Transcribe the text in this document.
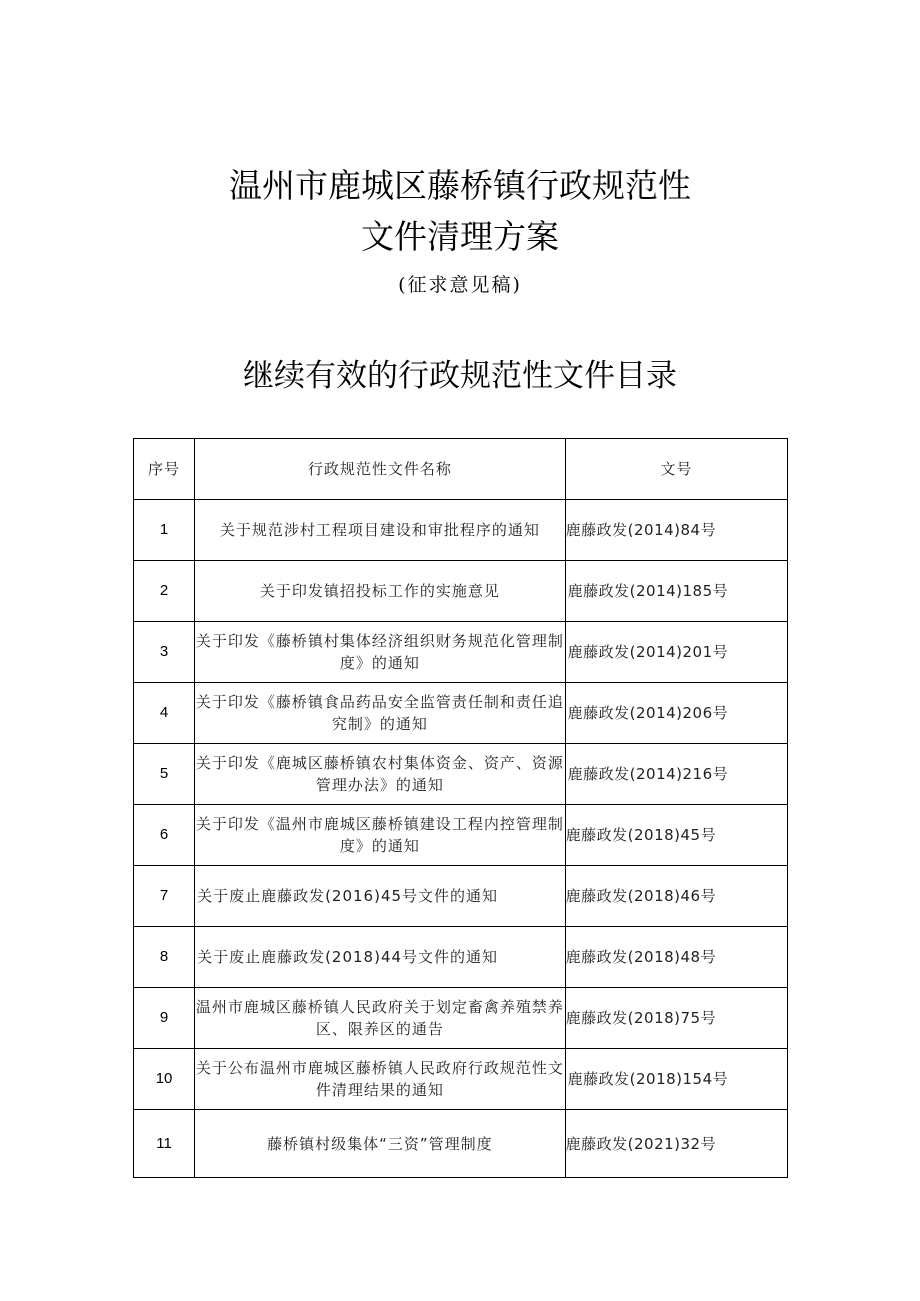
温州市鹿城区藤桥镇行政规范性
文件清理方案
(征求意见稿)
继续有效的行政规范性文件目录
序号	行政规范性文件名称	文号
1	关于规范涉村工程项目建设和审批程序的通知	鹿藤政发(2014)84号
2	关于印发镇招投标工作的实施意见	鹿藤政发(2014)185号
3	关于印发《藤桥镇村集体经济组织财务规范化管理制度》的通知	鹿藤政发(2014)201号
4	关于印发《藤桥镇食品药品安全监管责任制和责任追究制》的通知	鹿藤政发(2014)206号
5	关于印发《鹿城区藤桥镇农村集体资金、资产、资源管理办法》的通知	鹿藤政发(2014)216号
6	关于印发《温州市鹿城区藤桥镇建设工程内控管理制度》的通知	鹿藤政发(2018)45号
7	关于废止鹿藤政发(2016)45号文件的通知	鹿藤政发(2018)46号
8	关于废止鹿藤政发(2018)44号文件的通知	鹿藤政发(2018)48号
9	温州市鹿城区藤桥镇人民政府关于划定畜禽养殖禁养区、限养区的通告	鹿藤政发(2018)75号
10	关于公布温州市鹿城区藤桥镇人民政府行政规范性文件清理结果的通知	鹿藤政发(2018)154号
11	藤桥镇村级集体“三资”管理制度	鹿藤政发(2021)32号
